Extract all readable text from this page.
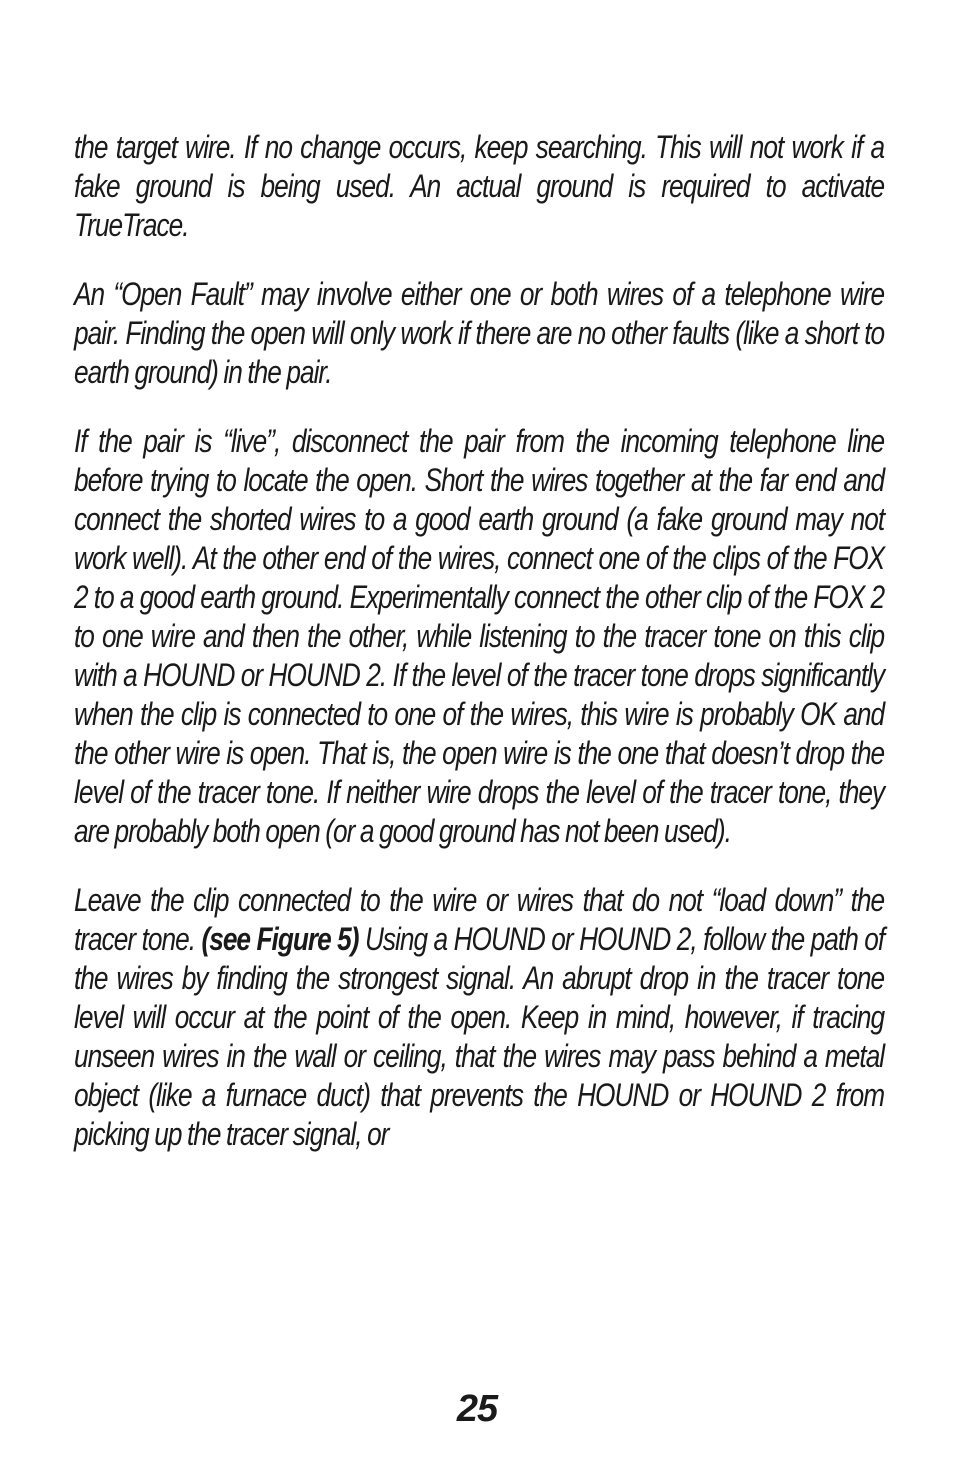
the target wire. If no change occurs, keep searching. This will not work if a fake ground is being used. An actual ground is required to activate TrueTrace.

An “Open Fault” may involve either one or both wires of a telephone wire pair. Finding the open will only work if there are no other faults (like a short to earth ground) in the pair.

If the pair is “live”, disconnect the pair from the incoming telephone line before trying to locate the open. Short the wires together at the far end and connect the shorted wires to a good earth ground (a fake ground may not work well). At the other end of the wires, connect one of the clips of the FOX 2 to a good earth ground. Experimentally connect the other clip of the FOX 2 to one wire and then the other, while listening to the tracer tone on this clip with a HOUND or HOUND 2. If the level of the tracer tone drops significantly when the clip is connected to one of the wires, this wire is probably OK and the other wire is open. That is, the open wire is the one that doesn’t drop the level of the tracer tone. If neither wire drops the level of the tracer tone, they are probably both open (or a good ground has not been used).

Leave the clip connected to the wire or wires that do not “load down” the tracer tone. (see Figure 5) Using a HOUND or HOUND 2, follow the path of the wires by finding the strongest signal. An abrupt drop in the tracer tone level will occur at the point of the open. Keep in mind, however, if tracing unseen wires in the wall or ceiling, that the wires may pass behind a metal object (like a furnace duct) that prevents the HOUND or HOUND 2 from picking up the tracer signal, or

25
